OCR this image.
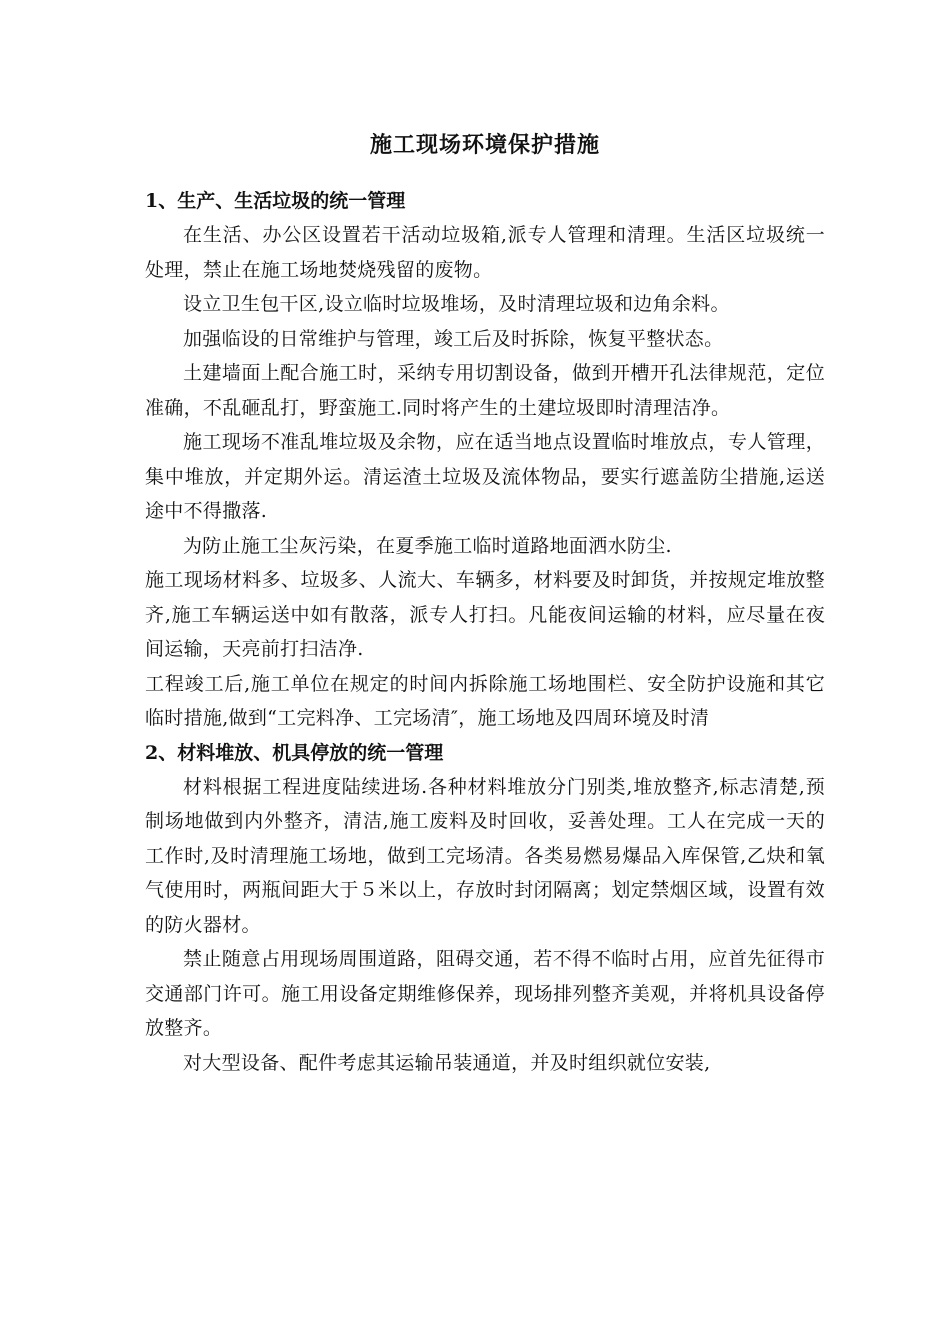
施工现场环境保护措施
1、生产、生活垃圾的统一管理

在生活、办公区设置若干活动垃圾箱,派专人管理和清理。生活区垃圾统一处理，禁止在施工场地焚烧残留的废物。

设立卫生包干区,设立临时垃圾堆场，及时清理垃圾和边角余料。

加强临设的日常维护与管理，竣工后及时拆除，恢复平整状态。

土建墙面上配合施工时，采纳专用切割设备，做到开槽开孔法律规范，定位准确，不乱砸乱打，野蛮施工.同时将产生的土建垃圾即时清理洁净。

施工现场不准乱堆垃圾及余物，应在适当地点设置临时堆放点，专人管理，集中堆放，并定期外运。清运渣土垃圾及流体物品，要实行遮盖防尘措施,运送途中不得撒落.

为防止施工尘灰污染，在夏季施工临时道路地面洒水防尘.

施工现场材料多、垃圾多、人流大、车辆多，材料要及时卸货，并按规定堆放整齐,施工车辆运送中如有散落，派专人打扫。凡能夜间运输的材料，应尽量在夜间运输，天亮前打扫洁净.

工程竣工后,施工单位在规定的时间内拆除施工场地围栏、安全防护设施和其它临时措施,做到“工完料净、工完场清″，施工场地及四周环境及时清

2、材料堆放、机具停放的统一管理

材料根据工程进度陆续进场.各种材料堆放分门别类,堆放整齐,标志清楚,预制场地做到内外整齐，清洁,施工废料及时回收，妥善处理。工人在完成一天的工作时,及时清理施工场地，做到工完场清。各类易燃易爆品入库保管,乙炔和氧气使用时，两瓶间距大于５米以上，存放时封闭隔离；划定禁烟区域，设置有效的防火器材。

禁止随意占用现场周围道路，阻碍交通，若不得不临时占用，应首先征得市交通部门许可。施工用设备定期维修保养，现场排列整齐美观，并将机具设备停放整齐。

对大型设备、配件考虑其运输吊装通道，并及时组织就位安装,
